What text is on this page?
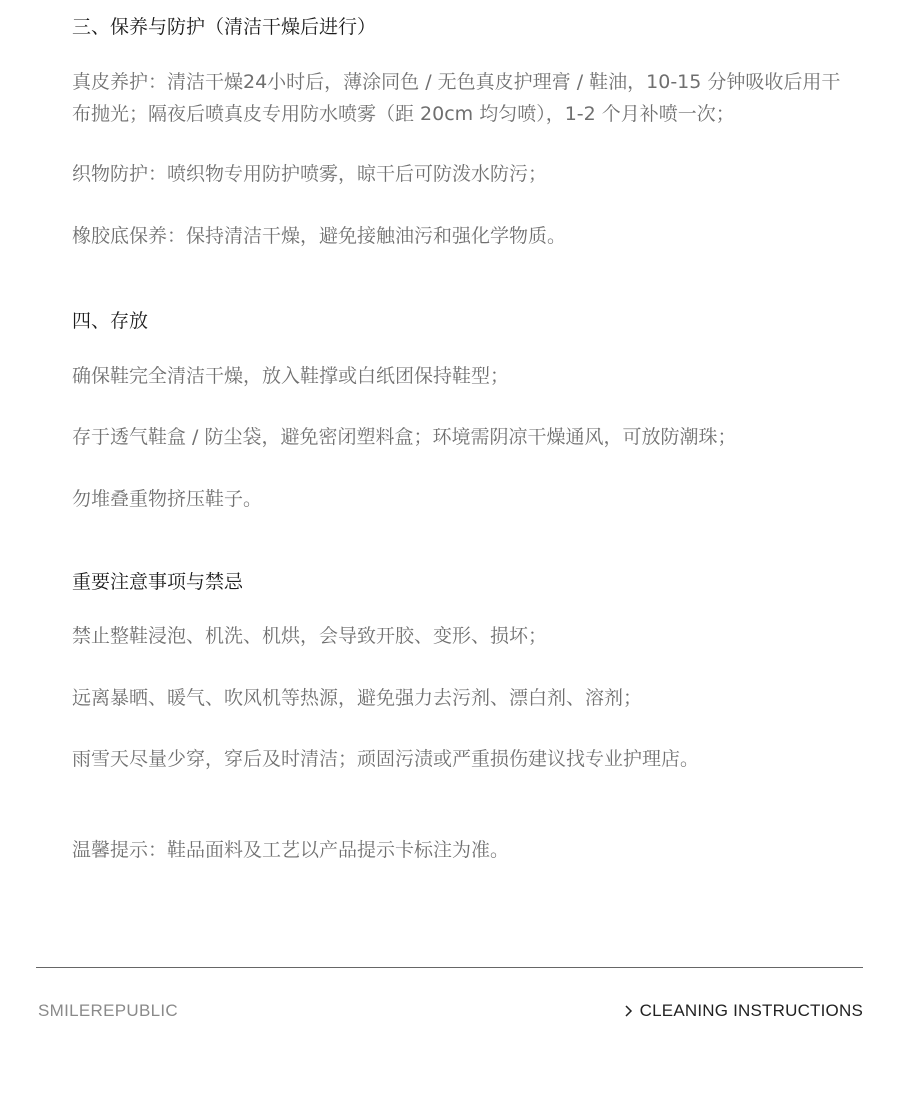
三、保养与防护（清洁干燥后进行）
真皮养护：清洁干燥24小时后，薄涂同色 / 无色真皮护理膏 / 鞋油，10-15 分钟吸收后用干布抛光；隔夜后喷真皮专用防水喷雾（距 20cm 均匀喷），1-2 个月补喷一次；
织物防护：喷织物专用防护喷雾，晾干后可防泼水防污；
橡胶底保养：保持清洁干燥，避免接触油污和强化学物质。
四、存放
确保鞋完全清洁干燥，放入鞋撑或白纸团保持鞋型；
存于透气鞋盒 / 防尘袋，避免密闭塑料盒；环境需阴凉干燥通风，可放防潮珠；
勿堆叠重物挤压鞋子。
重要注意事项与禁忌
禁止整鞋浸泡、机洗、机烘，会导致开胶、变形、损坏；
远离暴晒、暖气、吹风机等热源，避免强力去污剂、漂白剂、溶剂；
雨雪天尽量少穿，穿后及时清洁；顽固污渍或严重损伤建议找专业护理店。
温馨提示：鞋品面料及工艺以产品提示卡标注为准。
SMILEREPUBLIC	CLEANING INSTRUCTIONS
